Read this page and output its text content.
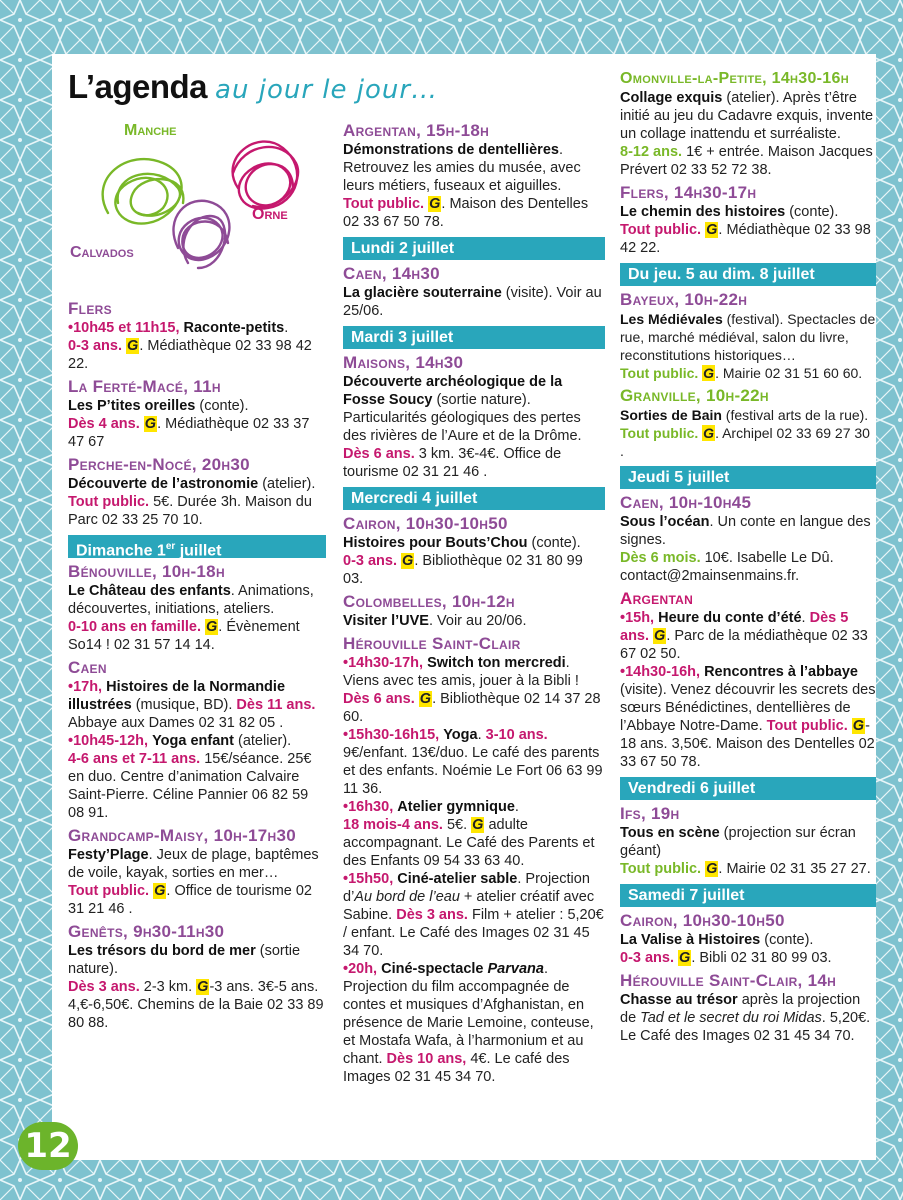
L’agenda au jour le jour…
Manche
Orne
Calvados
Flers

•10h45 et 11h15, Raconte-petits.
0-3 ans. G. Médiathèque 02 33 98 42 22.

La Ferté-Macé, 11h

Les P’tites oreilles (conte).
Dès 4 ans. G. Médiathèque 02 33 37 47 67

Perche-en-Nocé, 20h30

Découverte de l’astronomie (atelier).
Tout public. 5€. Durée 3h. Maison du Parc 02 33 25 70 10.

Dimanche 1er juillet
Bénouville, 10h-18h

Le Château des enfants. Animations, découvertes, initiations, ateliers.
0-10 ans en famille. G. Évènement So14 ! 02 31 57 14 14.

Caen

•17h, Histoires de la Normandie illustrées (musique, BD). Dès 11 ans. Abbaye aux Dames 02 31 82 05 .

•10h45-12h, Yoga enfant (atelier).
4-6 ans et 7-11 ans. 15€/séance. 25€ en duo. Centre d’animation Calvaire Saint-Pierre. Céline Pannier 06 82 59 08 91.

Grandcamp-Maisy, 10h-17h30

Festy’Plage. Jeux de plage, baptêmes de voile, kayak, sorties en mer…
Tout public. G. Office de tourisme 02 31 21 46 .

Genêts, 9h30-11h30

Les trésors du bord de mer (sortie nature).
Dès 3 ans. 2-3 km. G-3 ans. 3€-5 ans. 4,€-6,50€. Chemins de la Baie 02 33 89 80 88.

Argentan, 15h-18h

Démonstrations de dentellières. Retrouvez les amies du musée, avec leurs métiers, fuseaux et aiguilles.
Tout public. G. Maison des Dentelles 02 33 67 50 78.

Lundi 2 juillet
Caen, 14h30

La glacière souterraine (visite). Voir au 25/06.

Mardi 3 juillet
Maisons, 14h30

Découverte archéologique de la Fosse Soucy (sortie nature). Particularités géologiques des pertes des rivières de l’Aure et de la Drôme.
Dès 6 ans. 3 km. 3€-4€. Office de tourisme 02 31 21 46 .

Mercredi 4 juillet
Cairon, 10h30-10h50

Histoires pour Bouts’Chou (conte).
0-3 ans. G. Bibliothèque 02 31 80 99 03.

Colombelles, 10h-12h

Visiter l’UVE. Voir au 20/06.

Hérouville Saint-Clair

•14h30-17h, Switch ton mercredi. Viens avec tes amis, jouer à la Bibli !
Dès 6 ans. G. Bibliothèque 02 14 37 28 60.

•15h30-16h15, Yoga. 3-10 ans. 9€/enfant. 13€/duo. Le café des parents et des enfants. Noémie Le Fort 06 63 99 11 36.

•16h30, Atelier gymnique.
18 mois-4 ans. 5€. G adulte accompagnant. Le Café des Parents et des Enfants 09 54 33 63 40.

•15h50, Ciné-atelier sable. Projection d’Au bord de l’eau + atelier créatif avec Sabine. Dès 3 ans. Film + atelier : 5,20€ / enfant. Le Café des Images 02 31 45 34 70.

•20h, Ciné-spectacle Parvana. Projection du film accompagnée de contes et musiques d’Afghanistan, en présence de Marie Lemoine, conteuse, et Mostafa Wafa, à l’harmonium et au chant. Dès 10 ans, 4€. Le café des Images 02 31 45 34 70.

Omonville-la-Petite, 14h30-16h

Collage exquis (atelier). Après t’être initié au jeu du Cadavre exquis, invente un collage inattendu et surréaliste.
8-12 ans. 1€ + entrée. Maison Jacques Prévert 02 33 52 72 38.

Flers, 14h30-17h

Le chemin des histoires (conte).
Tout public. G. Médiathèque 02 33 98 42 22.

Du jeu. 5 au dim. 8 juillet
Bayeux, 10h-22h

Les Médiévales (festival). Spectacles de rue, marché médiéval, salon du livre, reconstitutions historiques…
Tout public. G. Mairie 02 31 51 60 60.

Granville, 10h-22h

Sorties de Bain (festival arts de la rue).
Tout public. G. Archipel 02 33 69 27 30 .

Jeudi 5 juillet
Caen, 10h-10h45

Sous l’océan. Un conte en langue des signes.
Dès 6 mois. 10€. Isabelle Le Dû. contact@2mainsenmains.fr.

Argentan

•15h, Heure du conte d’été. Dès 5 ans. G. Parc de la médiathèque 02 33 67 02 50.

•14h30-16h, Rencontres à l’abbaye (visite). Venez découvrir les secrets des sœurs Bénédictines, dentellières de l’Abbaye Notre-Dame. Tout public. G-18 ans. 3,50€. Maison des Dentelles 02 33 67 50 78.

Vendredi 6 juillet
Ifs, 19h

Tous en scène (projection sur écran géant)
Tout public. G. Mairie 02 31 35 27 27.

Samedi 7 juillet
Cairon, 10h30-10h50

La Valise à Histoires (conte).
0-3 ans. G. Bibli 02 31 80 99 03.

Hérouville Saint-Clair, 14h

Chasse au trésor après la projection de Tad et le secret du roi Midas. 5,20€. Le Café des Images 02 31 45 34 70.

12
